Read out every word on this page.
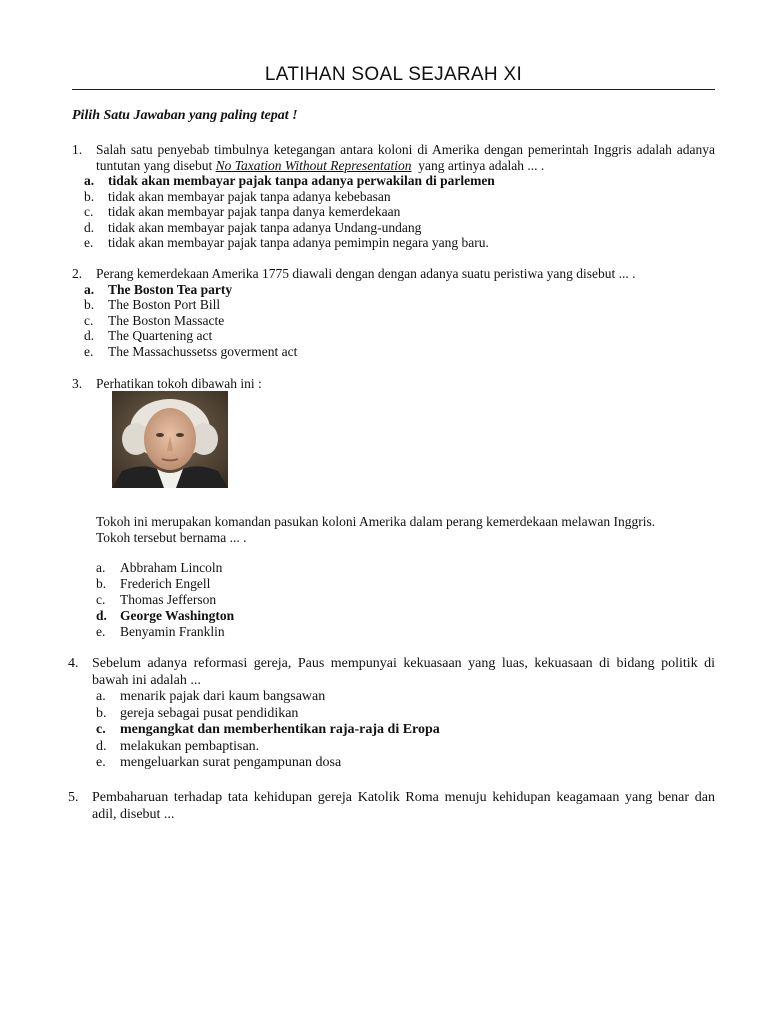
LATIHAN SOAL SEJARAH XI
Pilih Satu Jawaban yang paling tepat !
1. Salah satu penyebab timbulnya ketegangan antara koloni di Amerika dengan pemerintah Inggris adalah adanya tuntutan yang disebut No Taxation Without Representation yang artinya adalah ... .
a. tidak akan membayar pajak tanpa adanya perwakilan di parlemen
b. tidak akan membayar pajak tanpa adanya kebebasan
c. tidak akan membayar pajak tanpa danya kemerdekaan
d. tidak akan membayar pajak tanpa adanya Undang-undang
e. tidak akan membayar pajak tanpa adanya pemimpin negara yang baru.
2. Perang kemerdekaan Amerika 1775 diawali dengan dengan adanya suatu peristiwa yang disebut ... .
a. The Boston Tea party
b. The Boston Port Bill
c. The Boston Massacte
d. The Quartening act
e. The Massachussetss goverment act
3. Perhatikan tokoh dibawah ini :
Tokoh ini merupakan komandan pasukan koloni Amerika dalam perang kemerdekaan melawan Inggris.
Tokoh tersebut bernama ... .
a. Abbraham Lincoln
b. Frederich Engell
c. Thomas Jefferson
d. George Washington
e. Benyamin Franklin
4. Sebelum adanya reformasi gereja, Paus mempunyai kekuasaan yang luas, kekuasaan di bidang politik di bawah ini adalah ...
a. menarik pajak dari kaum bangsawan
b. gereja sebagai pusat pendidikan
c. mengangkat dan memberhentikan raja-raja di Eropa
d. melakukan pembaptisan.
e. mengeluarkan surat pengampunan dosa
5. Pembaharuan terhadap tata kehidupan gereja Katolik Roma menuju kehidupan keagamaan yang benar dan adil, disebut ...
